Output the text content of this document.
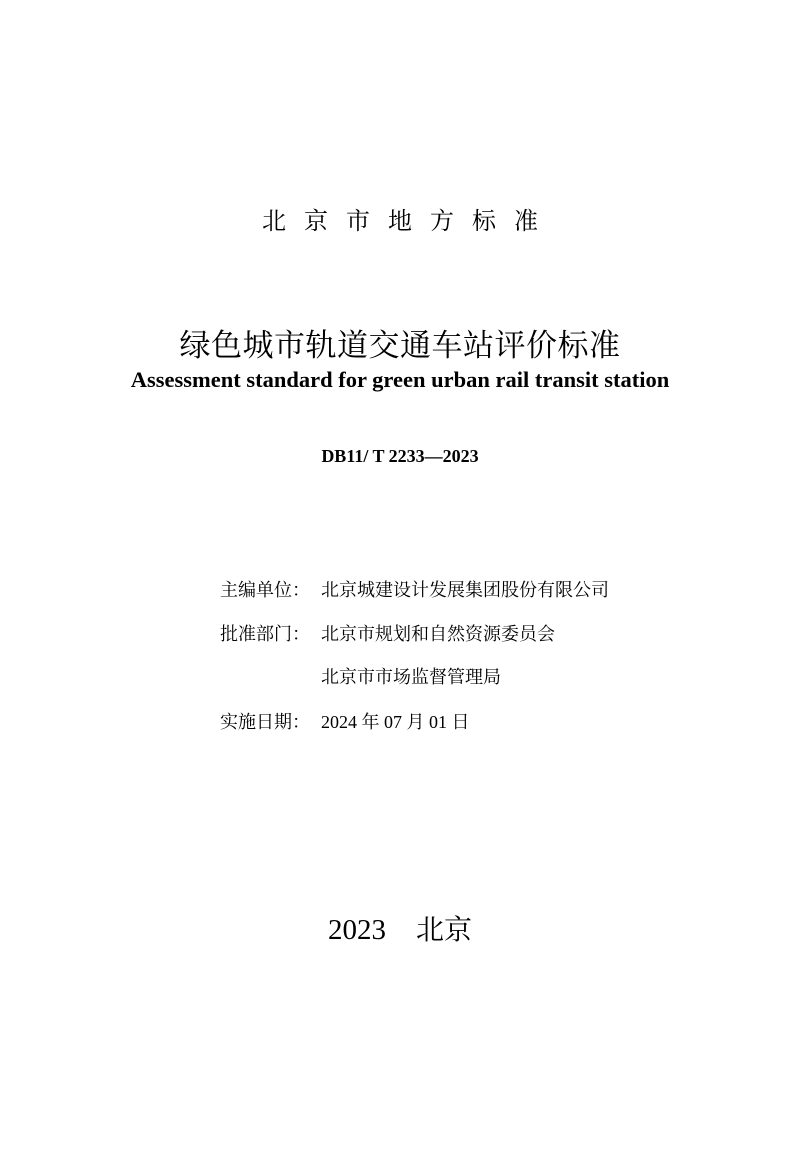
北京市地方标准
绿色城市轨道交通车站评价标准
Assessment standard for green urban rail transit station
DB11/ T 2233—2023
主编单位： 北京城建设计发展集团股份有限公司
批准部门： 北京市规划和自然资源委员会
北京市市场监督管理局
实施日期： 2024 年 07 月 01 日
2023 北京
